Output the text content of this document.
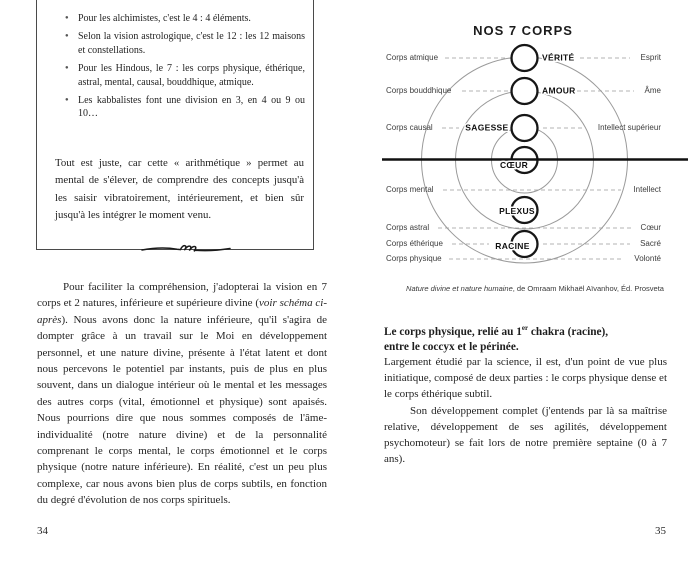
● Pour les alchimistes, c'est le 4 : 4 éléments.
● Selon la vision astrologique, c'est le 12 : les 12 maisons et constellations.
● Pour les Hindous, le 7 : les corps physique, éthérique, astral, mental, causal, bouddhique, atmique.
● Les kabbalistes font une division en 3, en 4 ou 9 ou 10…
Tout est juste, car cette « arithmétique » permet au mental de s'élever, de comprendre des concepts jusqu'à les saisir vibratoirement, intérieurement, et bien sûr jusqu'à les intégrer le moment venu.
Pour faciliter la compréhension, j'adopterai la vision en 7 corps et 2 natures, inférieure et supérieure divine (voir schéma ci-après). Nous avons donc la nature inférieure, qu'il s'agira de dompter grâce à un travail sur le Moi en développement personnel, et une nature divine, présente à l'état latent et dont nous percevons le potentiel par instants, puis de plus en plus souvent, dans un dialogue intérieur où le mental et les messages des autres corps (vital, émotionnel et physique) sont apaisés. Nous pourrions dire que nous sommes composés de l'âme-individualité (notre nature divine) et de la personnalité comprenant le corps mental, le corps émotionnel et le corps physique (notre nature inférieure). En réalité, c'est un peu plus complexe, car nous avons bien plus de corps subtils, en fonction du degré d'évolution de nos corps spirituels.
34
NOS 7 CORPS
Corps atmique
Corps bouddhique
Corps causal
Corps mental
Corps astral
Corps éthérique
Corps physique
Esprit
Âme
Intellect supérieur
Intellect
Cœur
Sacré
Volonté
VÉRITÉ
AMOUR
SAGESSE
CŒUR
PLEXUS
RACINE
Nature divine et nature humaine, de Omraam Mikhaël Aïvanhov, Éd. Prosveta
Le corps physique, relié au 1er chakra (racine),
entre le coccyx et le périnée.

Largement étudié par la science, il est, d'un point de vue plus initiatique, composé de deux parties : le corps physique dense et le corps éthérique subtil.

Son développement complet (j'entends par là sa maîtrise relative, développement de ses agilités, développement psychomoteur) se fait lors de notre première septaine (0 à 7 ans).

35
